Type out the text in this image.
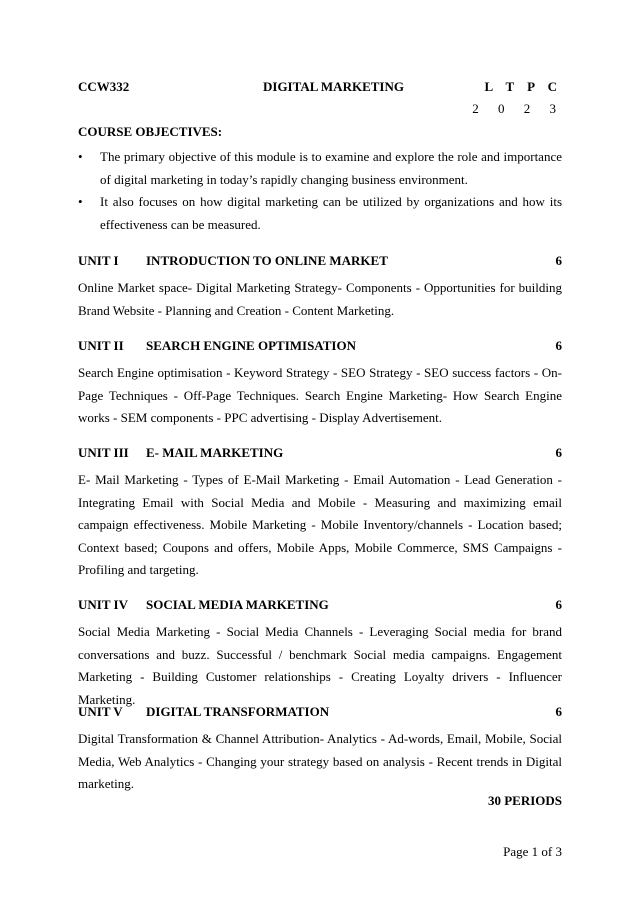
CCW332	DIGITAL MARKETING	L T P C
2 0 2 3
COURSE OBJECTIVES:
• The primary objective of this module is to examine and explore the role and importance of digital marketing in today’s rapidly changing business environment.
• It also focuses on how digital marketing can be utilized by organizations and how its effectiveness can be measured.
UNIT I INTRODUCTION TO ONLINE MARKET	6
Online Market space- Digital Marketing Strategy- Components - Opportunities for building Brand Website - Planning and Creation - Content Marketing.
UNIT II SEARCH ENGINE OPTIMISATION	6
Search Engine optimisation - Keyword Strategy - SEO Strategy - SEO success factors - On-Page Techniques - Off-Page Techniques. Search Engine Marketing- How Search Engine works - SEM components - PPC advertising - Display Advertisement.
UNIT III E- MAIL MARKETING	6
E- Mail Marketing - Types of E-Mail Marketing - Email Automation - Lead Generation - Integrating Email with Social Media and Mobile - Measuring and maximizing email campaign effectiveness. Mobile Marketing - Mobile Inventory/channels - Location based; Context based; Coupons and offers, Mobile Apps, Mobile Commerce, SMS Campaigns - Profiling and targeting.
UNIT IV SOCIAL MEDIA MARKETING	6
Social Media Marketing - Social Media Channels - Leveraging Social media for brand conversations and buzz. Successful / benchmark Social media campaigns. Engagement Marketing - Building Customer relationships - Creating Loyalty drivers - Influencer Marketing.
UNIT V DIGITAL TRANSFORMATION	6
Digital Transformation & Channel Attribution- Analytics - Ad-words, Email, Mobile, Social Media, Web Analytics - Changing your strategy based on analysis - Recent trends in Digital marketing.
30 PERIODS
Page 1 of 3
